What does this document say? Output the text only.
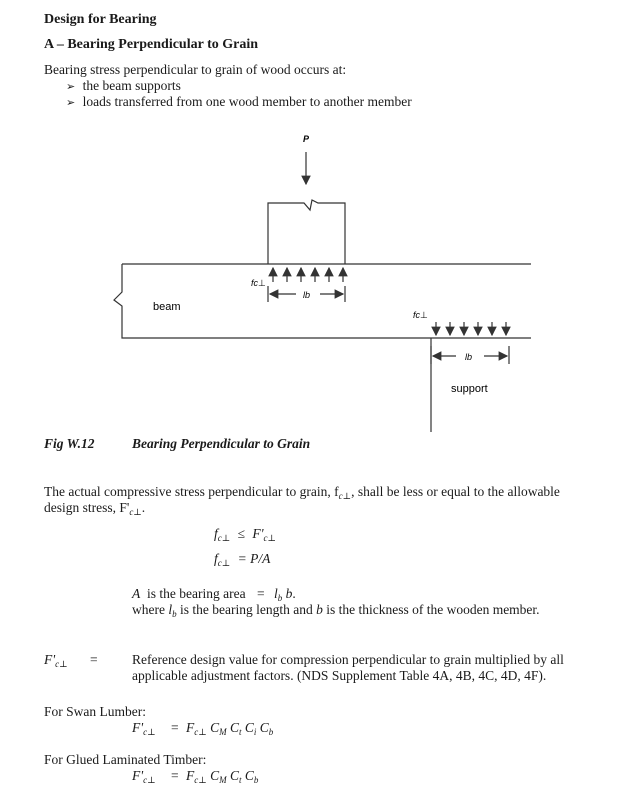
Design for Bearing
A – Bearing Perpendicular to Grain
Bearing stress perpendicular to grain of wood occurs at:
➢ the beam supports
➢ loads transferred from one wood member to another member
P
fc⊥
lb
beam
fc⊥
lb
support
Fig W.12	Bearing Perpendicular to Grain
The actual compressive stress perpendicular to grain, $f_{c\perp}$, shall be less or equal to the allowable
design stress, $F'_{c\perp}$.
$f_{c\perp} \le F'_{c\perp}$
$f_{c\perp} = P/A$
A is the bearing area = $l_b$ b.
where $l_b$ is the bearing length and b is the thickness of the wooden member.
$F'_{c\perp}$ =	Reference design value for compression perpendicular to grain multiplied by all
applicable adjustment factors. (NDS Supplement Table 4A, 4B, 4C, 4D, 4F).
For Swan Lumber:
$F'_{c\perp} = F_{c\perp}$ $C_M$ $C_t$ $C_i$ $C_b$
For Glued Laminated Timber:
$F'_{c\perp} = F_{c\perp}$ $C_M$ $C_t$ $C_b$
